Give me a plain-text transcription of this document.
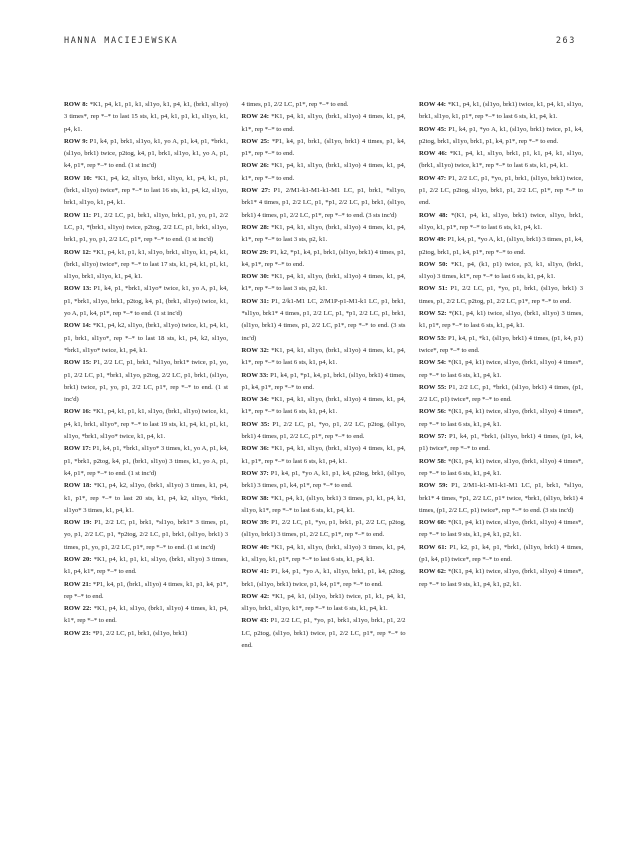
HANNA MACIEJEWSKA	263

ROW 8: *K1, p4, k1, p1, k1, sl1yo, k1, p4, k1, (brk1, sl1yo) 3 times*, rep *–* to last 15 sts, k1, p4, k1, p1, k1, sl1yo, k1, p4, k1.

ROW 9: P1, k4, p1, brk1, sl1yo, k1, yo A, p1, k4, p1, *brk1, (sl1yo, brk1) twice, p2tog, k4, p1, brk1, sl1yo, k1, yo A, p1, k4, p1*, rep *–* to end. (1 st inc'd)

ROW 10: *K1, p4, k2, sl1yo, brk1, sl1yo, k1, p4, k1, p1, (brk1, sl1yo) twice*, rep *–* to last 16 sts, k1, p4, k2, sl1yo, brk1, sl1yo, k1, p4, k1.

ROW 11: P1, 2/2 LC, p1, brk1, sl1yo, brk1, p1, yo, p1, 2/2 LC, p1, *(brk1, sl1yo) twice, p2tog, 2/2 LC, p1, brk1, sl1yo, brk1, p1, yo, p1, 2/2 LC, p1*, rep *–* to end. (1 st inc'd)

ROW 12: *K1, p4, k1, p1, k1, sl1yo, brk1, sl1yo, k1, p4, k1, (brk1, sl1yo) twice*, rep *–* to last 17 sts, k1, p4, k1, p1, k1, sl1yo, brk1, sl1yo, k1, p4, k1.

ROW 13: P1, k4, p1, *brk1, sl1yo* twice, k1, yo A, p1, k4, p1, *brk1, sl1yo, brk1, p2tog, k4, p1, (brk1, sl1yo) twice, k1, yo A, p1, k4, p1*, rep *–* to end. (1 st inc'd)

ROW 14: *K1, p4, k2, sl1yo, (brk1, sl1yo) twice, k1, p4, k1, p1, brk1, sl1yo*, rep *–* to last 18 sts, k1, p4, k2, sl1yo, *brk1, sl1yo* twice, k1, p4, k1.

ROW 15: P1, 2/2 LC, p1, brk1, *sl1yo, brk1* twice, p1, yo, p1, 2/2 LC, p1, *brk1, sl1yo, p2tog, 2/2 LC, p1, brk1, (sl1yo, brk1) twice, p1, yo, p1, 2/2 LC, p1*, rep *–* to end. (1 st inc'd)

ROW 16: *K1, p4, k1, p1, k1, sl1yo, (brk1, sl1yo) twice, k1, p4, k1, brk1, sl1yo*, rep *–* to last 19 sts, k1, p4, k1, p1, k1, sl1yo, *brk1, sl1yo* twice, k1, p4, k1.

ROW 17: P1, k4, p1, *brk1, sl1yo* 3 times, k1, yo A, p1, k4, p1, *brk1, p2tog, k4, p1, (brk1, sl1yo) 3 times, k1, yo A, p1, k4, p1*, rep *–* to end. (1 st inc'd)

ROW 18: *K1, p4, k2, sl1yo, (brk1, sl1yo) 3 times, k1, p4, k1, p1*, rep *–* to last 20 sts, k1, p4, k2, sl1yo, *brk1, sl1yo* 3 times, k1, p4, k1.

ROW 19: P1, 2/2 LC, p1, brk1, *sl1yo, brk1* 3 times, p1, yo, p1, 2/2 LC, p1, *p2tog, 2/2 LC, p1, brk1, (sl1yo, brk1) 3 times, p1, yo, p1, 2/2 LC, p1*, rep *–* to end. (1 st inc'd)

ROW 20: *K1, p4, k1, p1, k1, sl1yo, (brk1, sl1yo) 3 times, k1, p4, k1*, rep *–* to end.

ROW 21: *P1, k4, p1, (brk1, sl1yo) 4 times, k1, p1, k4, p1*, rep *–* to end.

ROW 22: *K1, p4, k1, sl1yo, (brk1, sl1yo) 4 times, k1, p4, k1*, rep *–* to end.

ROW 23: *P1, 2/2 LC, p1, brk1, (sl1yo, brk1)

4 times, p1, 2/2 LC, p1*, rep *–* to end.

ROW 24: *K1, p4, k1, sl1yo, (brk1, sl1yo) 4 times, k1, p4, k1*, rep *–* to end.

ROW 25: *P1, k4, p1, brk1, (sl1yo, brk1) 4 times, p1, k4, p1*, rep *–* to end.

ROW 26: *K1, p4, k1, sl1yo, (brk1, sl1yo) 4 times, k1, p4, k1*, rep *–* to end.

ROW 27: P1, 2/M1-k1-M1-k1-M1 LC, p1, brk1, *sl1yo, brk1* 4 times, p1, 2/2 LC, p1, *p1, 2/2 LC, p1, brk1, (sl1yo, brk1) 4 times, p1, 2/2 LC, p1*, rep *–* to end. (3 sts inc'd)

ROW 28: *K1, p4, k1, sl1yo, (brk1, sl1yo) 4 times, k1, p4, k1*, rep *–* to last 3 sts, p2, k1.

ROW 29: P1, k2, *p1, k4, p1, brk1, (sl1yo, brk1) 4 times, p1, k4, p1*, rep *–* to end.

ROW 30: *K1, p4, k1, sl1yo, (brk1, sl1yo) 4 times, k1, p4, k1*, rep *–* to last 3 sts, p2, k1.

ROW 31: P1, 2/k1-M1 LC, 2/M1P-p1-M1-k1 LC, p1, brk1, *sl1yo, brk1* 4 times, p1, 2/2 LC, p1, *p1, 2/2 LC, p1, brk1, (sl1yo, brk1) 4 times, p1, 2/2 LC, p1*, rep *–* to end. (3 sts inc'd)

ROW 32: *K1, p4, k1, sl1yo, (brk1, sl1yo) 4 times, k1, p4, k1*, rep *–* to last 6 sts, k1, p4, k1.

ROW 33: P1, k4, p1, *p1, k4, p1, brk1, (sl1yo, brk1) 4 times, p1, k4, p1*, rep *–* to end.

ROW 34: *K1, p4, k1, sl1yo, (brk1, sl1yo) 4 times, k1, p4, k1*, rep *–* to last 6 sts, k1, p4, k1.

ROW 35: P1, 2/2 LC, p1, *yo, p1, 2/2 LC, p2tog, (sl1yo, brk1) 4 times, p1, 2/2 LC, p1*, rep *–* to end.

ROW 36: *K1, p4, k1, sl1yo, (brk1, sl1yo) 4 times, k1, p4, k1, p1*, rep *–* to last 6 sts, k1, p4, k1.

ROW 37: P1, k4, p1, *yo A, k1, p1, k4, p2tog, brk1, (sl1yo, brk1) 3 times, p1, k4, p1*, rep *–* to end.

ROW 38: *K1, p4, k1, (sl1yo, brk1) 3 times, p1, k1, p4, k1, sl1yo, k1*, rep *–* to last 6 sts, k1, p4, k1.

ROW 39: P1, 2/2 LC, p1, *yo, p1, brk1, p1, 2/2 LC, p2tog, (sl1yo, brk1) 3 times, p1, 2/2 LC, p1*, rep *–* to end.

ROW 40: *K1, p4, k1, sl1yo, (brk1, sl1yo) 3 times, k1, p4, k1, sl1yo, k1, p1*, rep *–* to last 6 sts, k1, p4, k1.

ROW 41: P1, k4, p1, *yo A, k1, sl1yo, brk1, p1, k4, p2tog, brk1, (sl1yo, brk1) twice, p1, k4, p1*, rep *–* to end.

ROW 42: *K1, p4, k1, (sl1yo, brk1) twice, p1, k1, p4, k1, sl1yo, brk1, sl1yo, k1*, rep *–* to last 6 sts, k1, p4, k1.

ROW 43: P1, 2/2 LC, p1, *yo, p1, brk1, sl1yo, brk1, p1, 2/2 LC, p2tog, (sl1yo, brk1) twice, p1, 2/2 LC, p1*, rep *–* to end.

ROW 44: *K1, p4, k1, (sl1yo, brk1) twice, k1, p4, k1, sl1yo, brk1, sl1yo, k1, p1*, rep *–* to last 6 sts, k1, p4, k1.

ROW 45: P1, k4, p1, *yo A, k1, (sl1yo, brk1) twice, p1, k4, p2tog, brk1, sl1yo, brk1, p1, k4, p1*, rep *–* to end.

ROW 46: *K1, p4, k1, sl1yo, brk1, p1, k1, p4, k1, sl1yo, (brk1, sl1yo) twice, k1*, rep *–* to last 6 sts, k1, p4, k1.

ROW 47: P1, 2/2 LC, p1, *yo, p1, brk1, (sl1yo, brk1) twice, p1, 2/2 LC, p2tog, sl1yo, brk1, p1, 2/2 LC, p1*, rep *–* to end.

ROW 48: *(K1, p4, k1, sl1yo, brk1) twice, sl1yo, brk1, sl1yo, k1, p1*, rep *–* to last 6 sts, k1, p4, k1.

ROW 49: P1, k4, p1, *yo A, k1, (sl1yo, brk1) 3 times, p1, k4, p2tog, brk1, p1, k4, p1*, rep *–* to end.

ROW 50: *K1, p4, (k1, p1) twice, p3, k1, sl1yo, (brk1, sl1yo) 3 times, k1*, rep *–* to last 6 sts, k1, p4, k1.

ROW 51: P1, 2/2 LC, p1, *yo, p1, brk1, (sl1yo, brk1) 3 times, p1, 2/2 LC, p2tog, p1, 2/2 LC, p1*, rep *–* to end.

ROW 52: *(K1, p4, k1) twice, sl1yo, (brk1, sl1yo) 3 times, k1, p1*, rep *–* to last 6 sts, k1, p4, k1.

ROW 53: P1, k4, p1, *k1, (sl1yo, brk1) 4 times, (p1, k4, p1) twice*, rep *–* to end.

ROW 54: *(K1, p4, k1) twice, sl1yo, (brk1, sl1yo) 4 times*, rep *–* to last 6 sts, k1, p4, k1.

ROW 55: P1, 2/2 LC, p1, *brk1, (sl1yo, brk1) 4 times, (p1, 2/2 LC, p1) twice*, rep *–* to end.

ROW 56: *(K1, p4, k1) twice, sl1yo, (brk1, sl1yo) 4 times*, rep *–* to last 6 sts, k1, p4, k1.

ROW 57: P1, k4, p1, *brk1, (sl1yo, brk1) 4 times, (p1, k4, p1) twice*, rep *–* to end.

ROW 58: *(K1, p4, k1) twice, sl1yo, (brk1, sl1yo) 4 times*, rep *–* to last 6 sts, k1, p4, k1.

ROW 59: P1, 2/M1-k1-M1-k1-M1 LC, p1, brk1, *sl1yo, brk1* 4 times, *p1, 2/2 LC, p1* twice, *brk1, (sl1yo, brk1) 4 times, (p1, 2/2 LC, p1) twice*, rep *–* to end. (3 sts inc'd)

ROW 60: *(K1, p4, k1) twice, sl1yo, (brk1, sl1yo) 4 times*, rep *–* to last 9 sts, k1, p4, k1, p2, k1.

ROW 61: P1, k2, p1, k4, p1, *brk1, (sl1yo, brk1) 4 times, (p1, k4, p1) twice*, rep *–* to end.

ROW 62: *(K1, p4, k1) twice, sl1yo, (brk1, sl1yo) 4 times*, rep *–* to last 9 sts, k1, p4, k1, p2, k1.
